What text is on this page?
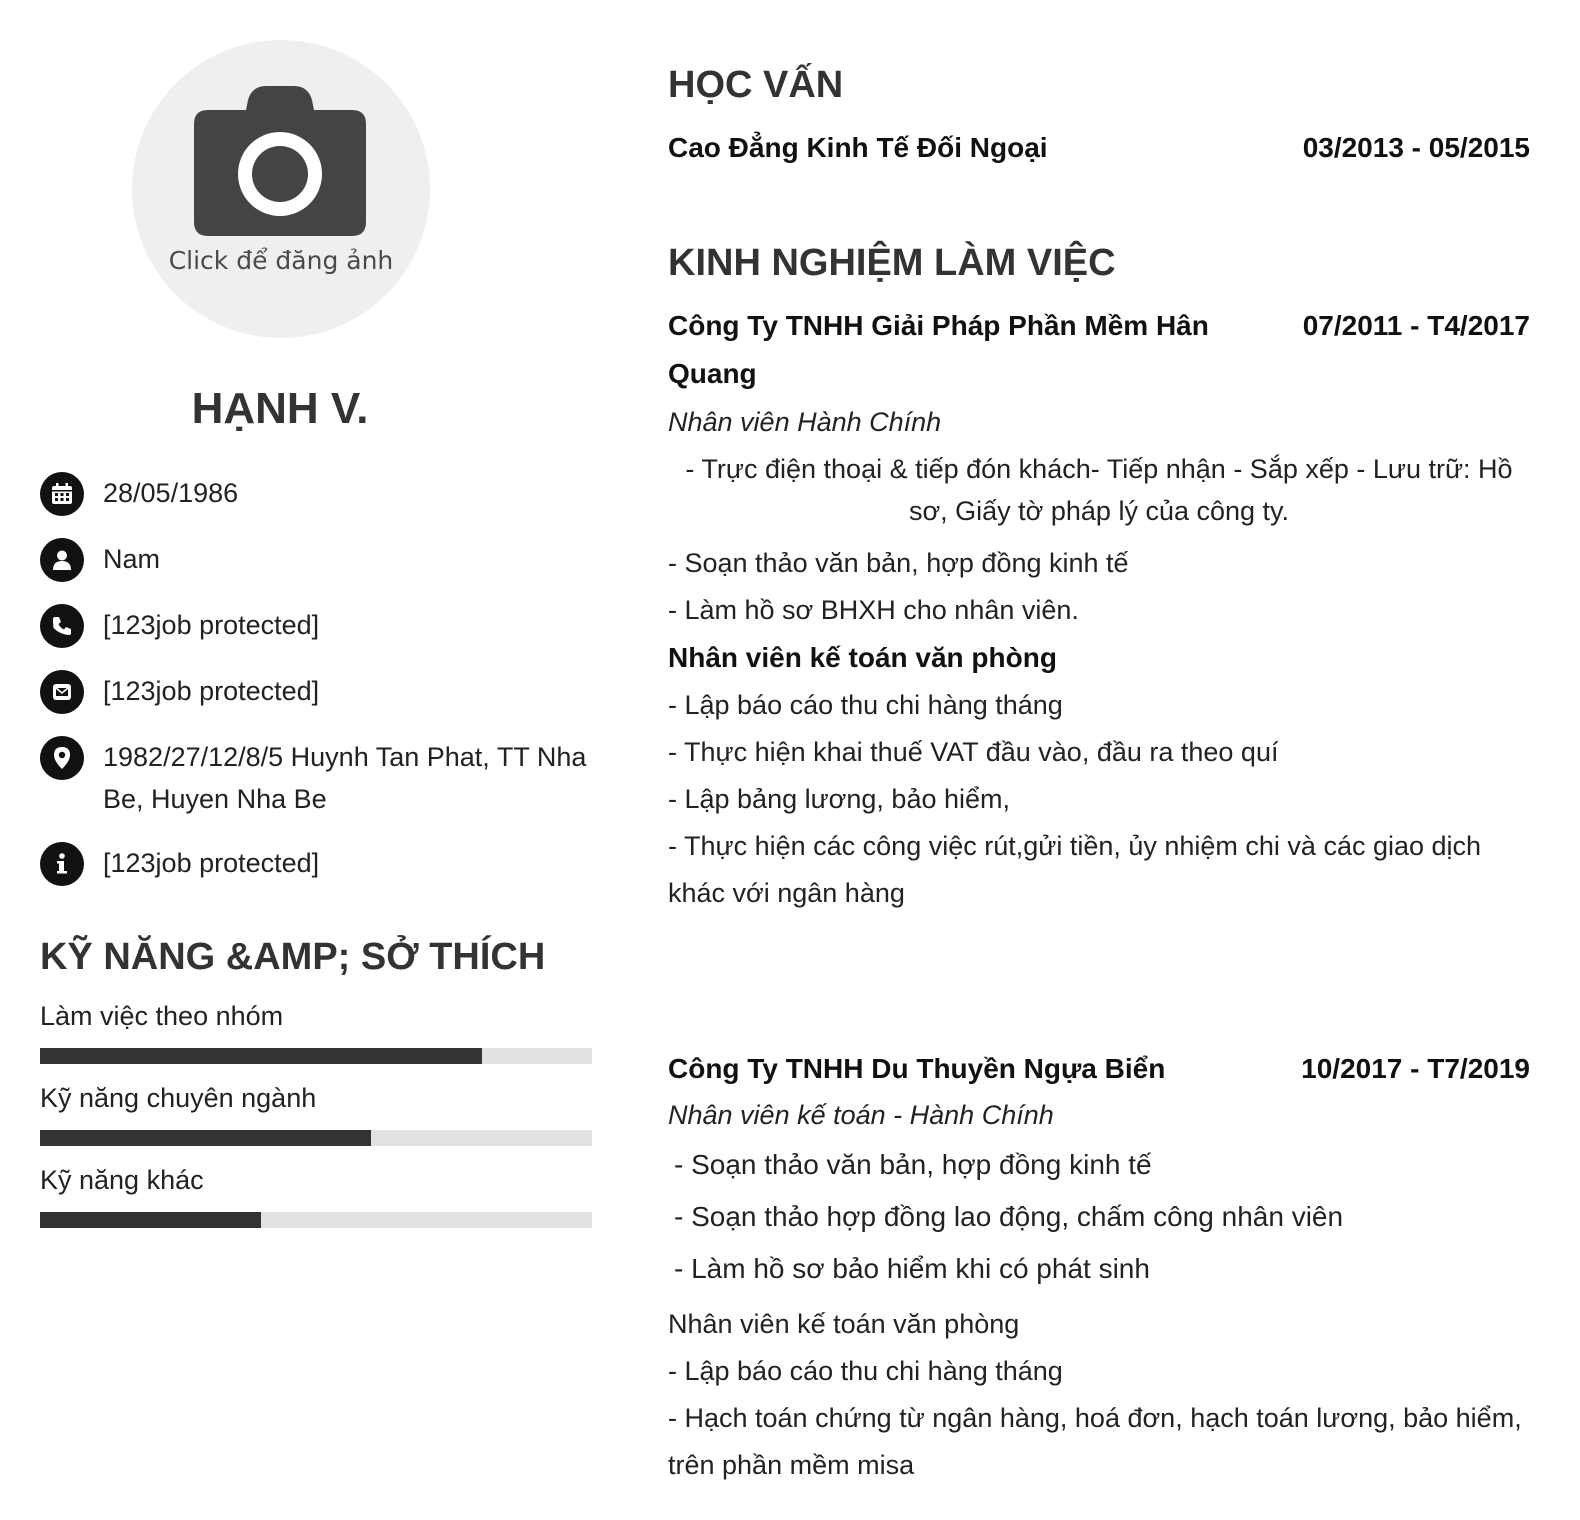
Click để đăng ảnh
HẠNH V.
28/05/1986
Nam
[123job protected]
[123job protected]
1982/27/12/8/5 Huynh Tan Phat, TT Nha Be, Huyen Nha Be
[123job protected]
KỸ NĂNG &AMP; SỞ THÍCH
Làm việc theo nhóm
Kỹ năng chuyên ngành
Kỹ năng khác
HỌC VẤN
Cao Đẳng Kinh Tế Đối Ngoại	03/2013 - 05/2015
KINH NGHIỆM LÀM VIỆC
Công Ty TNHH Giải Pháp Phần Mềm Hân Quang
07/2011 - T4/2017
Nhân viên Hành Chính
- Trực điện thoại & tiếp đón khách- Tiếp nhận - Sắp xếp - Lưu trữ: Hồ sơ, Giấy tờ pháp lý của công ty.
- Soạn thảo văn bản, hợp đồng kinh tế
- Làm hồ sơ BHXH cho nhân viên.
Nhân viên kế toán văn phòng
- Lập báo cáo thu chi hàng tháng
- Thực hiện khai thuế VAT đầu vào, đầu ra theo quí
- Lập bảng lương, bảo hiểm,
- Thực hiện các công việc rút,gửi tiền, ủy nhiệm chi và các giao dịch khác với ngân hàng
Công Ty TNHH Du Thuyền Ngựa Biển	10/2017 - T7/2019
Nhân viên kế toán - Hành Chính
- Soạn thảo văn bản, hợp đồng kinh tế
- Soạn thảo hợp đồng lao động, chấm công nhân viên
- Làm hồ sơ bảo hiểm khi có phát sinh
Nhân viên kế toán văn phòng
- Lập báo cáo thu chi hàng tháng
- Hạch toán chứng từ ngân hàng, hoá đơn, hạch toán lương, bảo hiểm, trên phần mềm misa
